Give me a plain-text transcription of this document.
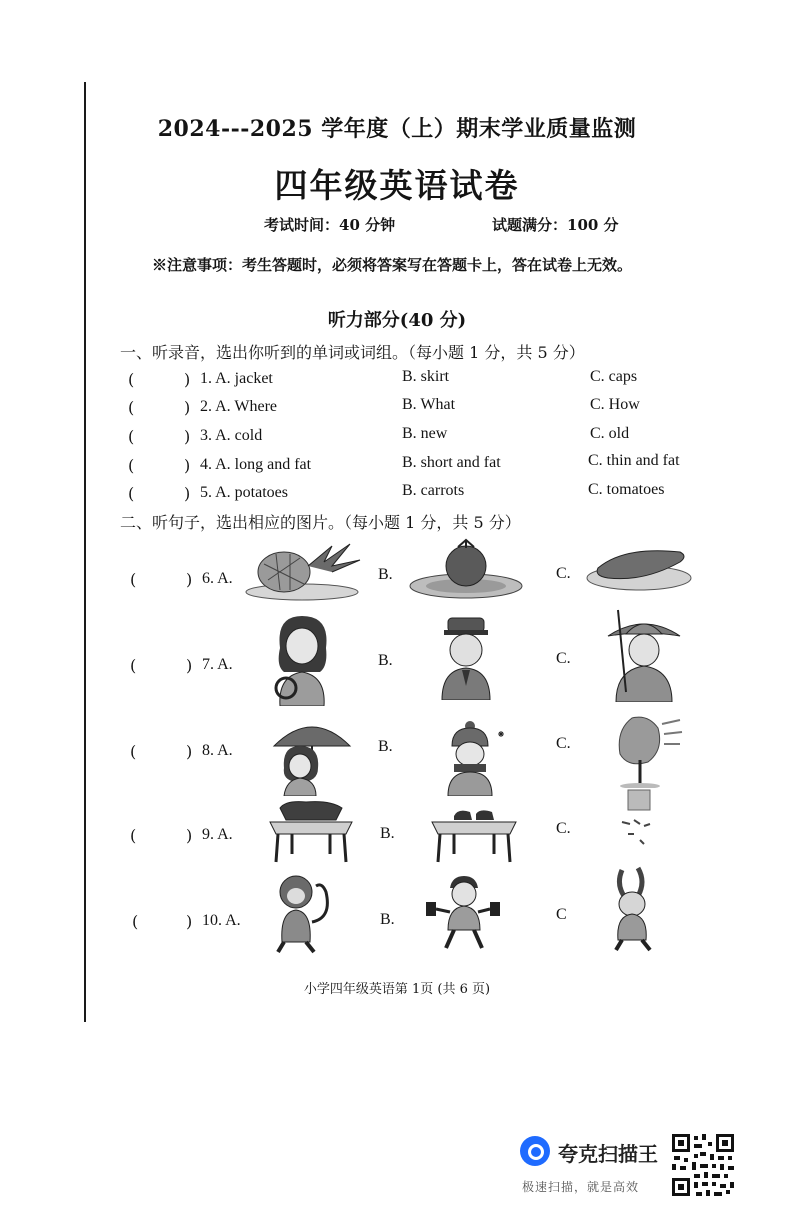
2024---2025 学年度（上）期末学业质量监测
四年级英语试卷
考试时间：40 分钟	试题满分：100 分
※注意事项：考生答题时，必须将答案写在答题卡上，答在试卷上无效。
听力部分(40 分)
一、听录音，选出你听到的单词或词组。（每小题 1 分，共 5 分）
(	) 1. A. jacket	B. skirt	C. caps
(	) 2. A. Where	B. What	C. How
(	) 3. A. cold	B. new	C. old
(	) 4. A. long and fat	B. short and fat	C. thin and fat
(	) 5. A. potatoes	B. carrots	C. tomatoes
二、听句子，选出相应的图片。（每小题 1 分，共 5 分）
(	) 6. A.	B.	C.
(	) 7. A.	B.	C.
(	) 8. A.	B.	C.
(	) 9. A.	B.	C.
(	) 10. A.	B.	C
小学四年级英语第 1页 (共 6 页)
夸克扫描王
极速扫描，就是高效
